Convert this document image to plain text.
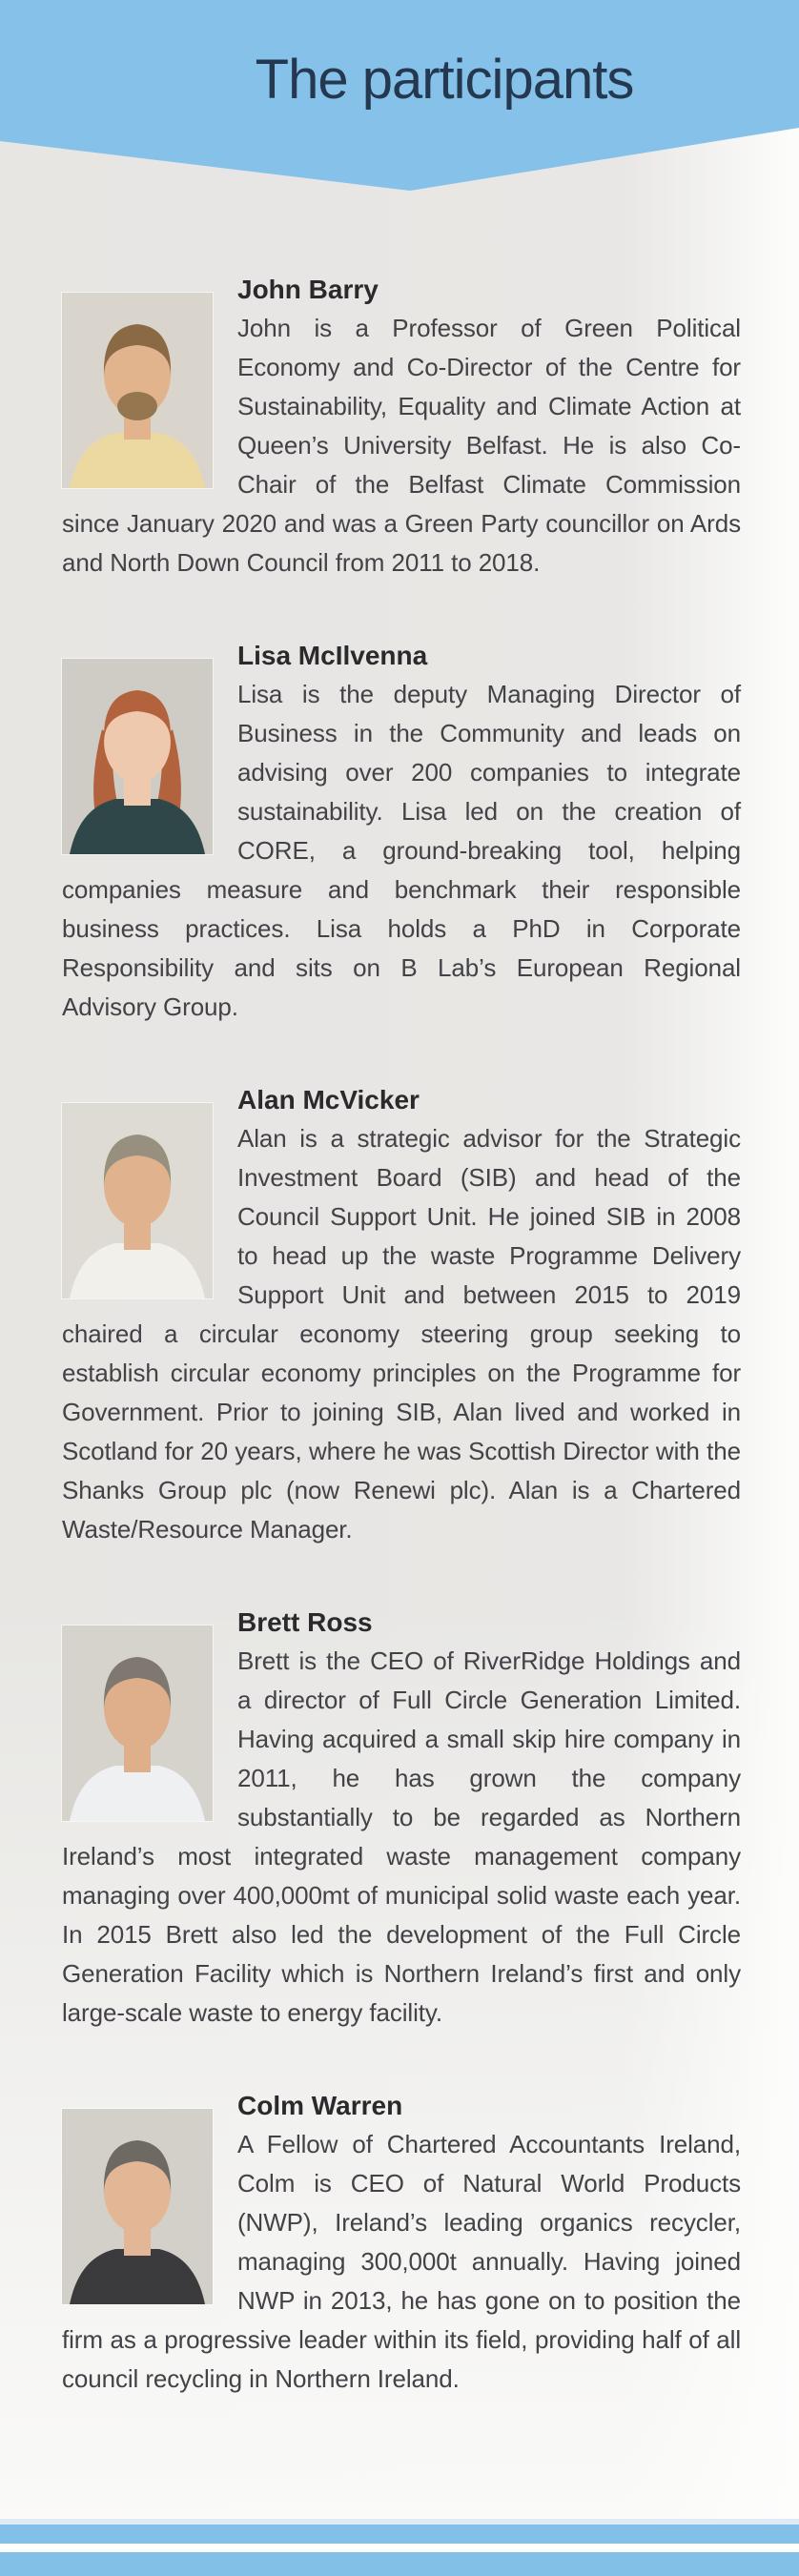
The participants
John Barry

John is a Professor of Green Political Economy and Co-Director of the Centre for Sustainability, Equality and Climate Action at Queen’s University Belfast. He is also Co-Chair of the Belfast Climate Commission since January 2020 and was a Green Party councillor on Ards and North Down Council from 2011 to 2018.

Lisa McIlvenna

Lisa is the deputy Managing Director of Business in the Community and leads on advising over 200 companies to integrate sustainability. Lisa led on the creation of CORE, a ground-breaking tool, helping companies measure and benchmark their responsible business practices. Lisa holds a PhD in Corporate Responsibility and sits on B Lab’s European Regional Advisory Group.

Alan McVicker

Alan is a strategic advisor for the Strategic Investment Board (SIB) and head of the Council Support Unit. He joined SIB in 2008 to head up the waste Programme Delivery Support Unit and between 2015 to 2019 chaired a circular economy steering group seeking to establish circular economy principles on the Programme for Government. Prior to joining SIB, Alan lived and worked in Scotland for 20 years, where he was Scottish Director with the Shanks Group plc (now Renewi plc). Alan is a Chartered Waste/Resource Manager.

Brett Ross

Brett is the CEO of RiverRidge Holdings and a director of Full Circle Generation Limited. Having acquired a small skip hire company in 2011, he has grown the company substantially to be regarded as Northern Ireland’s most integrated waste management company managing over 400,000mt of municipal solid waste each year. In 2015 Brett also led the development of the Full Circle Generation Facility which is Northern Ireland’s first and only large-scale waste to energy facility.

Colm Warren

A Fellow of Chartered Accountants Ireland, Colm is CEO of Natural World Products (NWP), Ireland’s leading organics recycler, managing 300,000t annually. Having joined NWP in 2013, he has gone on to position the firm as a progressive leader within its field, providing half of all council recycling in Northern Ireland.
